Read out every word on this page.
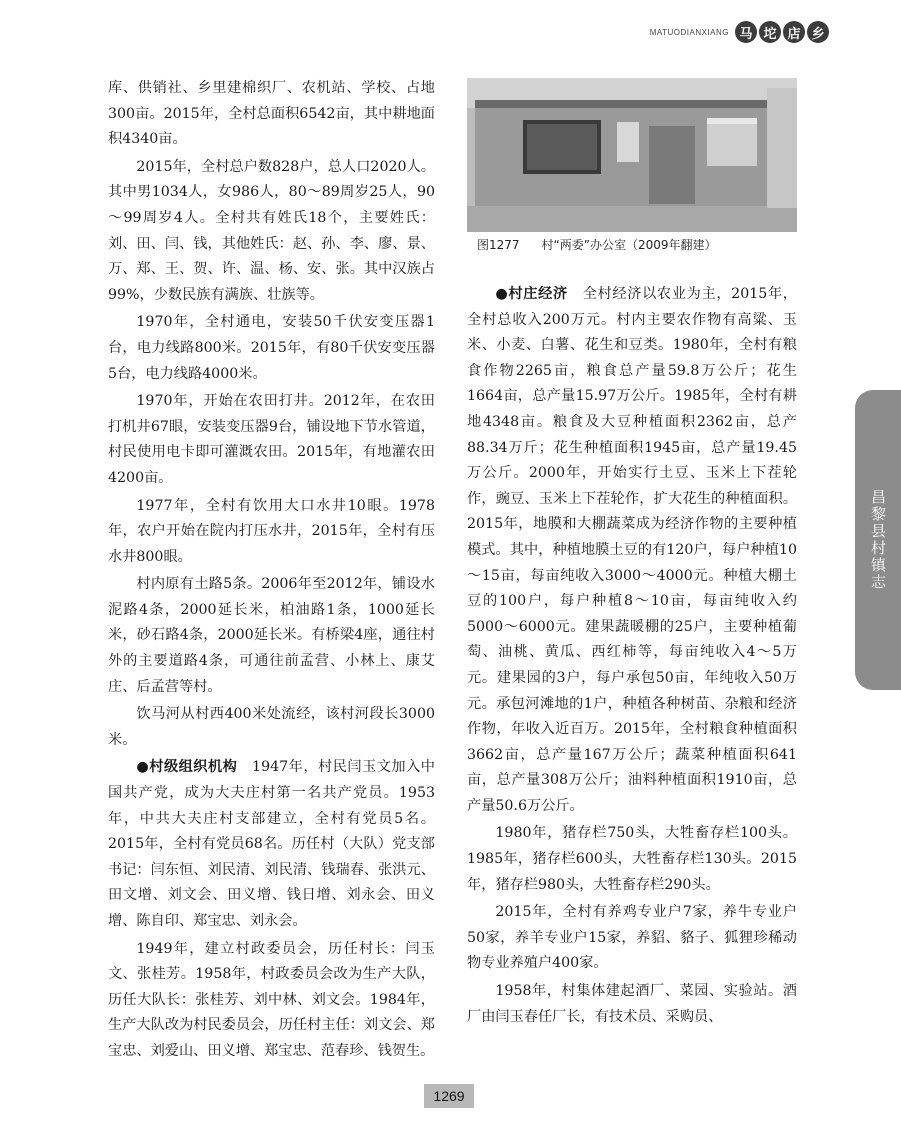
MATUODIANXIANG 马 坨 店 乡

库、供销社、乡里建棉织厂、农机站、学校、占地300亩。2015年，全村总面积6542亩，其中耕地面积4340亩。

2015年，全村总户数828户，总人口2020人。其中男1034人，女986人，80～89周岁25人，90～99周岁4人。全村共有姓氏18个，主要姓氏：刘、田、闫、钱，其他姓氏：赵、孙、李、廖、景、万、郑、王、贺、许、温、杨、安、张。其中汉族占99%，少数民族有满族、壮族等。

1970年，全村通电，安装50千伏安变压器1台，电力线路800米。2015年，有80千伏安变压器5台，电力线路4000米。

1970年，开始在农田打井。2012年，在农田打机井67眼，安装变压器9台，铺设地下节水管道，村民使用电卡即可灌溉农田。2015年，有地灌农田4200亩。

1977年，全村有饮用大口水井10眼。1978年，农户开始在院内打压水井，2015年，全村有压水井800眼。

村内原有土路5条。2006年至2012年，铺设水泥路4条，2000延长米，柏油路1条，1000延长米，砂石路4条，2000延长米。有桥梁4座，通往村外的主要道路4条，可通往前孟营、小林上、康艾庄、后孟营等村。

饮马河从村西400米处流经，该村河段长3000米。

●村级组织机构　 1947年，村民闫玉文加入中国共产党，成为大夫庄村第一名共产党员。1953年，中共大夫庄村支部建立，全村有党员5名。2015年，全村有党员68名。历任村（大队）党支部书记：闫东恒、刘民清、刘民清、钱瑞春、张洪元、田文增、刘文会、田义增、钱日增、刘永会、田义增、陈自印、郑宝忠、刘永会。

1949年，建立村政委员会，历任村长：闫玉文、张桂芳。1958年，村政委员会改为生产大队，历任大队长：张桂芳、刘中林、刘文会。1984年，生产大队改为村民委员会，历任村主任：刘文会、郑宝忠、刘爱山、田义增、郑宝忠、范春珍、钱贺生。

图1277 村“两委”办公室（2009年翻建）

●村庄经济　 全村经济以农业为主，2015年，全村总收入200万元。村内主要农作物有高粱、玉米、小麦、白薯、花生和豆类。1980年，全村有粮食作物2265亩，粮食总产量59.8万公斤；花生1664亩，总产量15.97万公斤。1985年，全村有耕地4348亩。粮食及大豆种植面积2362亩，总产88.34万斤；花生种植面积1945亩，总产量19.45万公斤。2000年，开始实行土豆、玉米上下茬轮作，豌豆、玉米上下茬轮作，扩大花生的种植面积。2015年，地膜和大棚蔬菜成为经济作物的主要种植模式。其中，种植地膜土豆的有120户，每户种植10～15亩，每亩纯收入3000～4000元。种植大棚土豆的100户，每户种植8～10亩，每亩纯收入约5000～6000元。建果蔬暖棚的25户，主要种植葡萄、油桃、黄瓜、西红柿等，每亩纯收入4～5万元。建果园的3户，每户承包50亩，年纯收入50万元。承包河滩地的1户，种植各种树苗、杂粮和经济作物，年收入近百万。2015年，全村粮食种植面积3662亩，总产量167万公斤；蔬菜种植面积641亩，总产量308万公斤；油料种植面积1910亩，总产量50.6万公斤。

1980年，猪存栏750头，大牲畜存栏100头。1985年，猪存栏600头，大牲畜存栏130头。2015年，猪存栏980头，大牲畜存栏290头。

2015年，全村有养鸡专业户7家，养牛专业户50家，养羊专业户15家，养貂、貉子、狐狸珍稀动物专业养殖户400家。

1958年，村集体建起酒厂、菜园、实验站。酒厂由闫玉春任厂长，有技术员、采购员、

昌黎县村镇志
1269
